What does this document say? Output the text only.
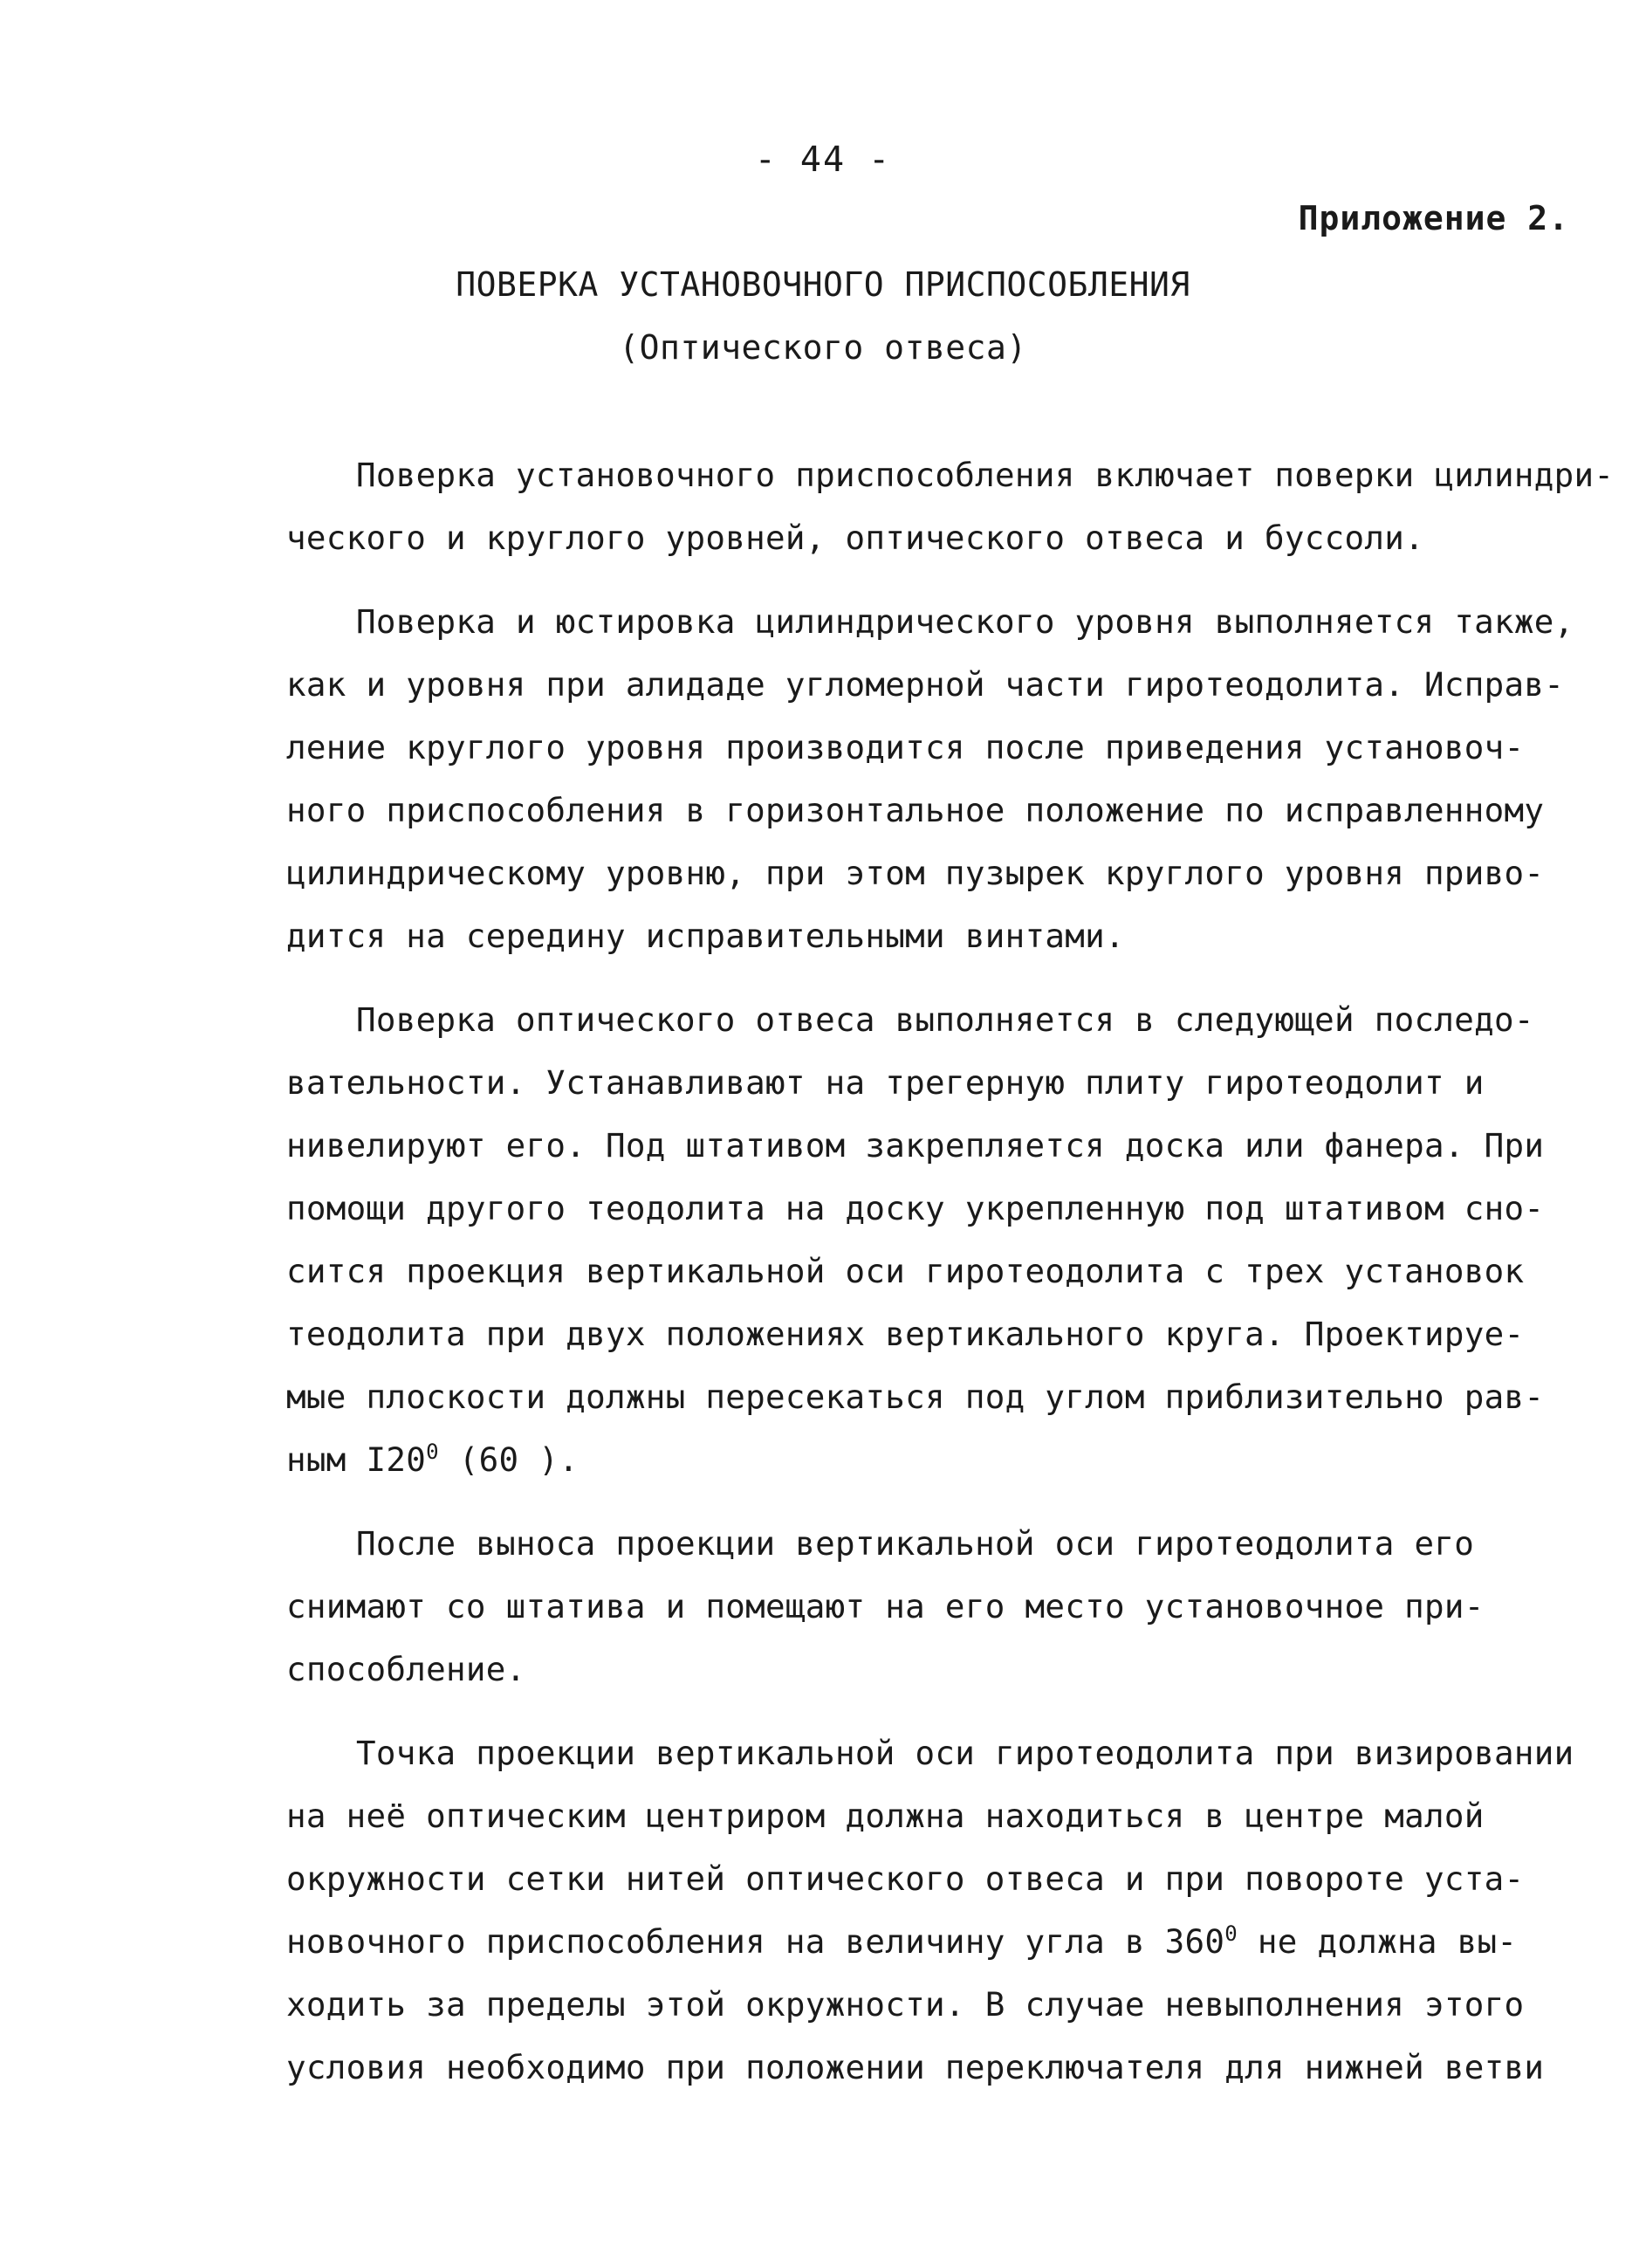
- 44 -
Приложение 2.
ПОВЕРКА УСТАНОВОЧНОГО ПРИСПОСОБЛЕНИЯ
(Оптического отвеса)
Поверка установочного приспособления включает поверки цилиндри-
ческого и круглого уровней, оптического отвеса и буссоли.
Поверка и юстировка цилиндрического уровня выполняется также,
как и уровня при алидаде угломерной части гиротеодолита. Исправ-
ление круглого уровня производится после приведения установоч-
ного приспособления в горизонтальное положение по исправленному
цилиндрическому уровню, при этом пузырек круглого уровня приво-
дится на середину исправительными винтами.
Поверка оптического отвеса выполняется в следующей последо-
вательности. Устанавливают на трегерную плиту гиротеодолит и
нивелируют его. Под штативом закрепляется доска или фанера. При
помощи другого теодолита на доску укрепленную под штативом сно-
сится проекция вертикальной оси гиротеодолита с трех установок
теодолита при двух положениях вертикального круга. Проектируе-
мые плоскости должны пересекаться под углом приблизительно рав-
ным $I20^0$ (60 ).
После выноса проекции вертикальной оси гиротеодолита его
снимают со штатива и помещают на его место установочное при-
способление.
Точка проекции вертикальной оси гиротеодолита при визировании
на неё оптическим центриром должна находиться в центре малой
окружности сетки нитей оптического отвеса и при повороте уста-
новочного приспособления на величину угла в $360^0$ не должна вы-
ходить за пределы этой окружности. В случае невыполнения этого
условия необходимо при положении переключателя для нижней ветви
